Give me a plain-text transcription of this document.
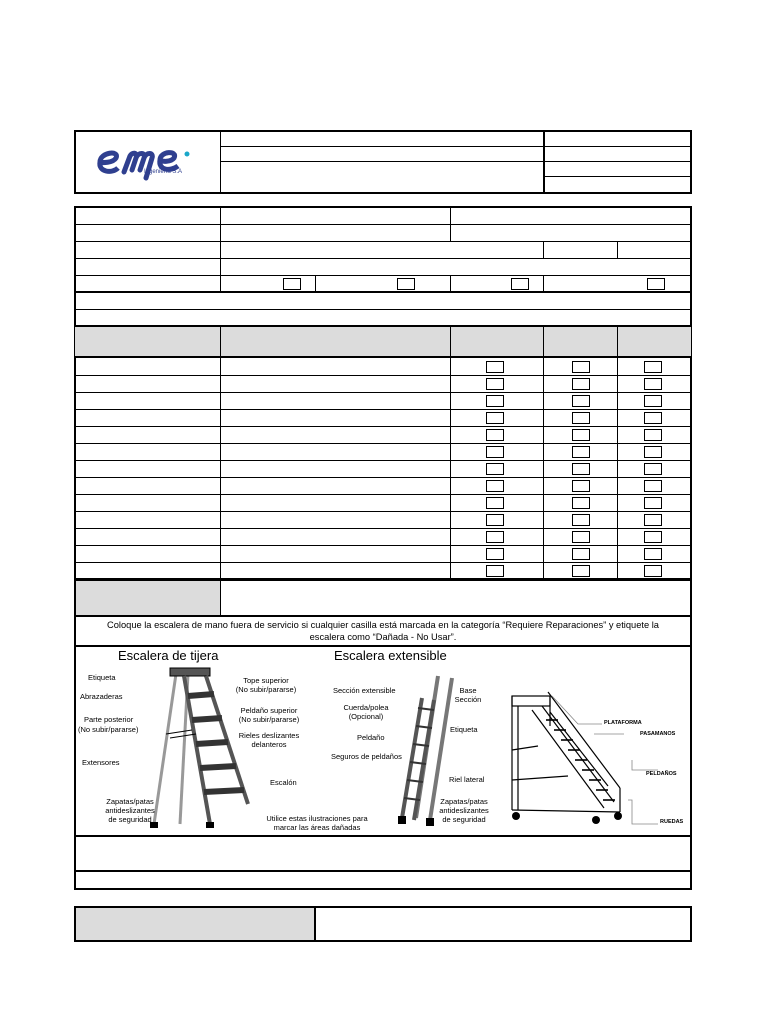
Ingeniería S.A
Coloque la escalera de mano fuera de servicio si cualquier casilla está marcada en la categoría “Requiere Reparaciones” y etiquete la
escalera como “Dañada - No Usar”.
Escalera de tijera
Etiqueta
Abrazaderas
Parte posterior
(No subir/pararse)
Extensores
Zapatas/patas
antideslizantes
de seguridad
Tope superior
(No subir/pararse)
Peldaño superior
(No subir/pararse)
Rieles deslizantes
delanteros
Escalón
Escalera extensible
Sección extensible
Cuerda/polea
(Opcional)
Peldaño
Seguros de peldaños
Base
Sección
Etiqueta
Riel lateral
Zapatas/patas
antideslizantes
de seguridad
Utilice estas ilustraciones para
marcar las áreas dañadas
PLATAFORMA
PASAMANOS
PELDAÑOS
RUEDAS
